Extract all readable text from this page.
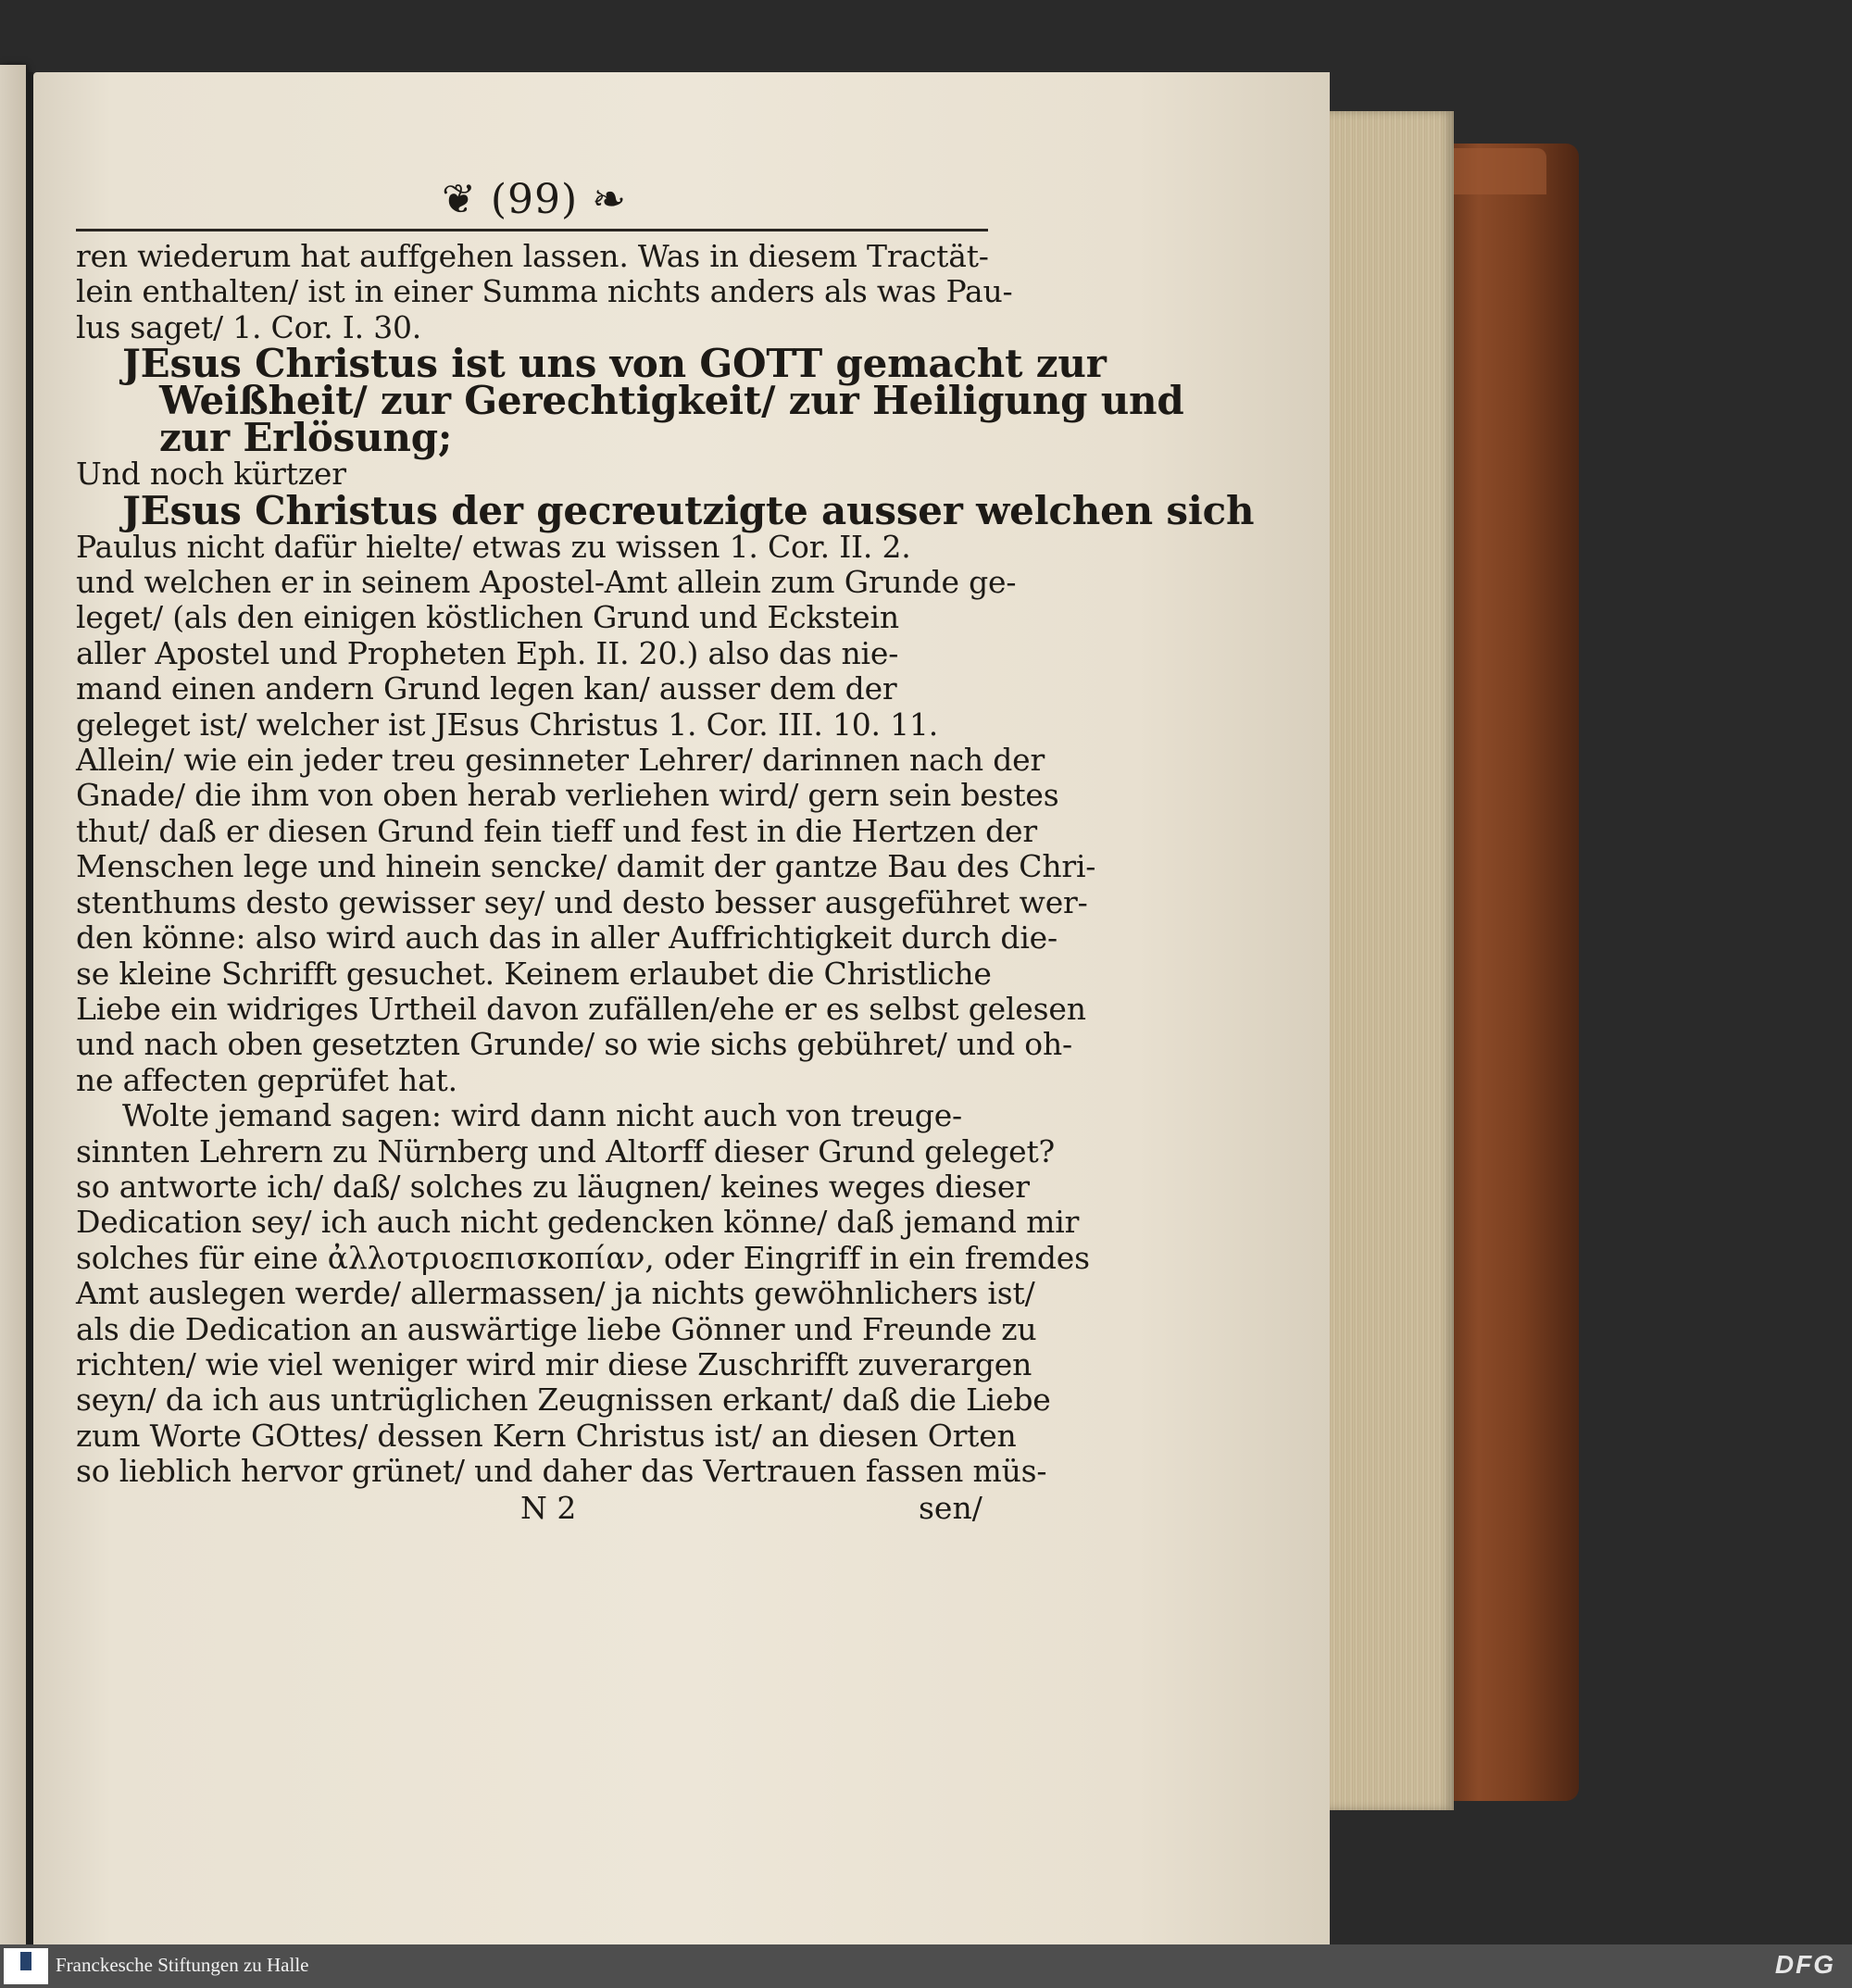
❦ (99) ❧
ren wiederum hat auffgehen lassen. Was in diesem Tractät-
lein enthalten/ ist in einer Summa nichts anders als was Pau-
lus saget/ 1. Cor. I. 30.
JEsus Christus ist uns von GOTT gemacht zur
Weißheit/ zur Gerechtigkeit/ zur Heiligung und
zur Erlösung;
Und noch kürtzer
JEsus Christus der gecreutzigte ausser welchen sich
Paulus nicht dafür hielte/ etwas zu wissen 1. Cor. II. 2.
und welchen er in seinem Apostel-Amt allein zum Grunde ge-
leget/ (als den einigen köstlichen Grund und Eckstein
aller Apostel und Propheten Eph. II. 20.) also das nie-
mand einen andern Grund legen kan/ ausser dem der
geleget ist/ welcher ist JEsus Christus 1. Cor. III. 10. 11.
Allein/ wie ein jeder treu gesinneter Lehrer/ darinnen nach der
Gnade/ die ihm von oben herab verliehen wird/ gern sein bestes
thut/ daß er diesen Grund fein tieff und fest in die Hertzen der
Menschen lege und hinein sencke/ damit der gantze Bau des Chri-
stenthums desto gewisser sey/ und desto besser ausgeführet wer-
den könne: also wird auch das in aller Auffrichtigkeit durch die-
se kleine Schrifft gesuchet. Keinem erlaubet die Christliche
Liebe ein widriges Urtheil davon zufällen/ehe er es selbst gelesen
und nach oben gesetzten Grunde/ so wie sichs gebühret/ und oh-
ne affecten geprüfet hat.
Wolte jemand sagen: wird dann nicht auch von treuge-
sinnten Lehrern zu Nürnberg und Altorff dieser Grund geleget?
so antworte ich/ daß/ solches zu läugnen/ keines weges dieser
Dedication sey/ ich auch nicht gedencken könne/ daß jemand mir
solches für eine ἀλλοτριοεπισκοπίαν, oder Eingriff in ein fremdes
Amt auslegen werde/ allermassen/ ja nichts gewöhnlichers ist/
als die Dedication an auswärtige liebe Gönner und Freunde zu
richten/ wie viel weniger wird mir diese Zuschrifft zuverargen
seyn/ da ich aus untrüglichen Zeugnissen erkant/ daß die Liebe
zum Worte GOttes/ dessen Kern Christus ist/ an diesen Orten
so lieblich hervor grünet/ und daher das Vertrauen fassen müs-
N 2	sen/
Franckesche Stiftungen zu Halle	DFG
